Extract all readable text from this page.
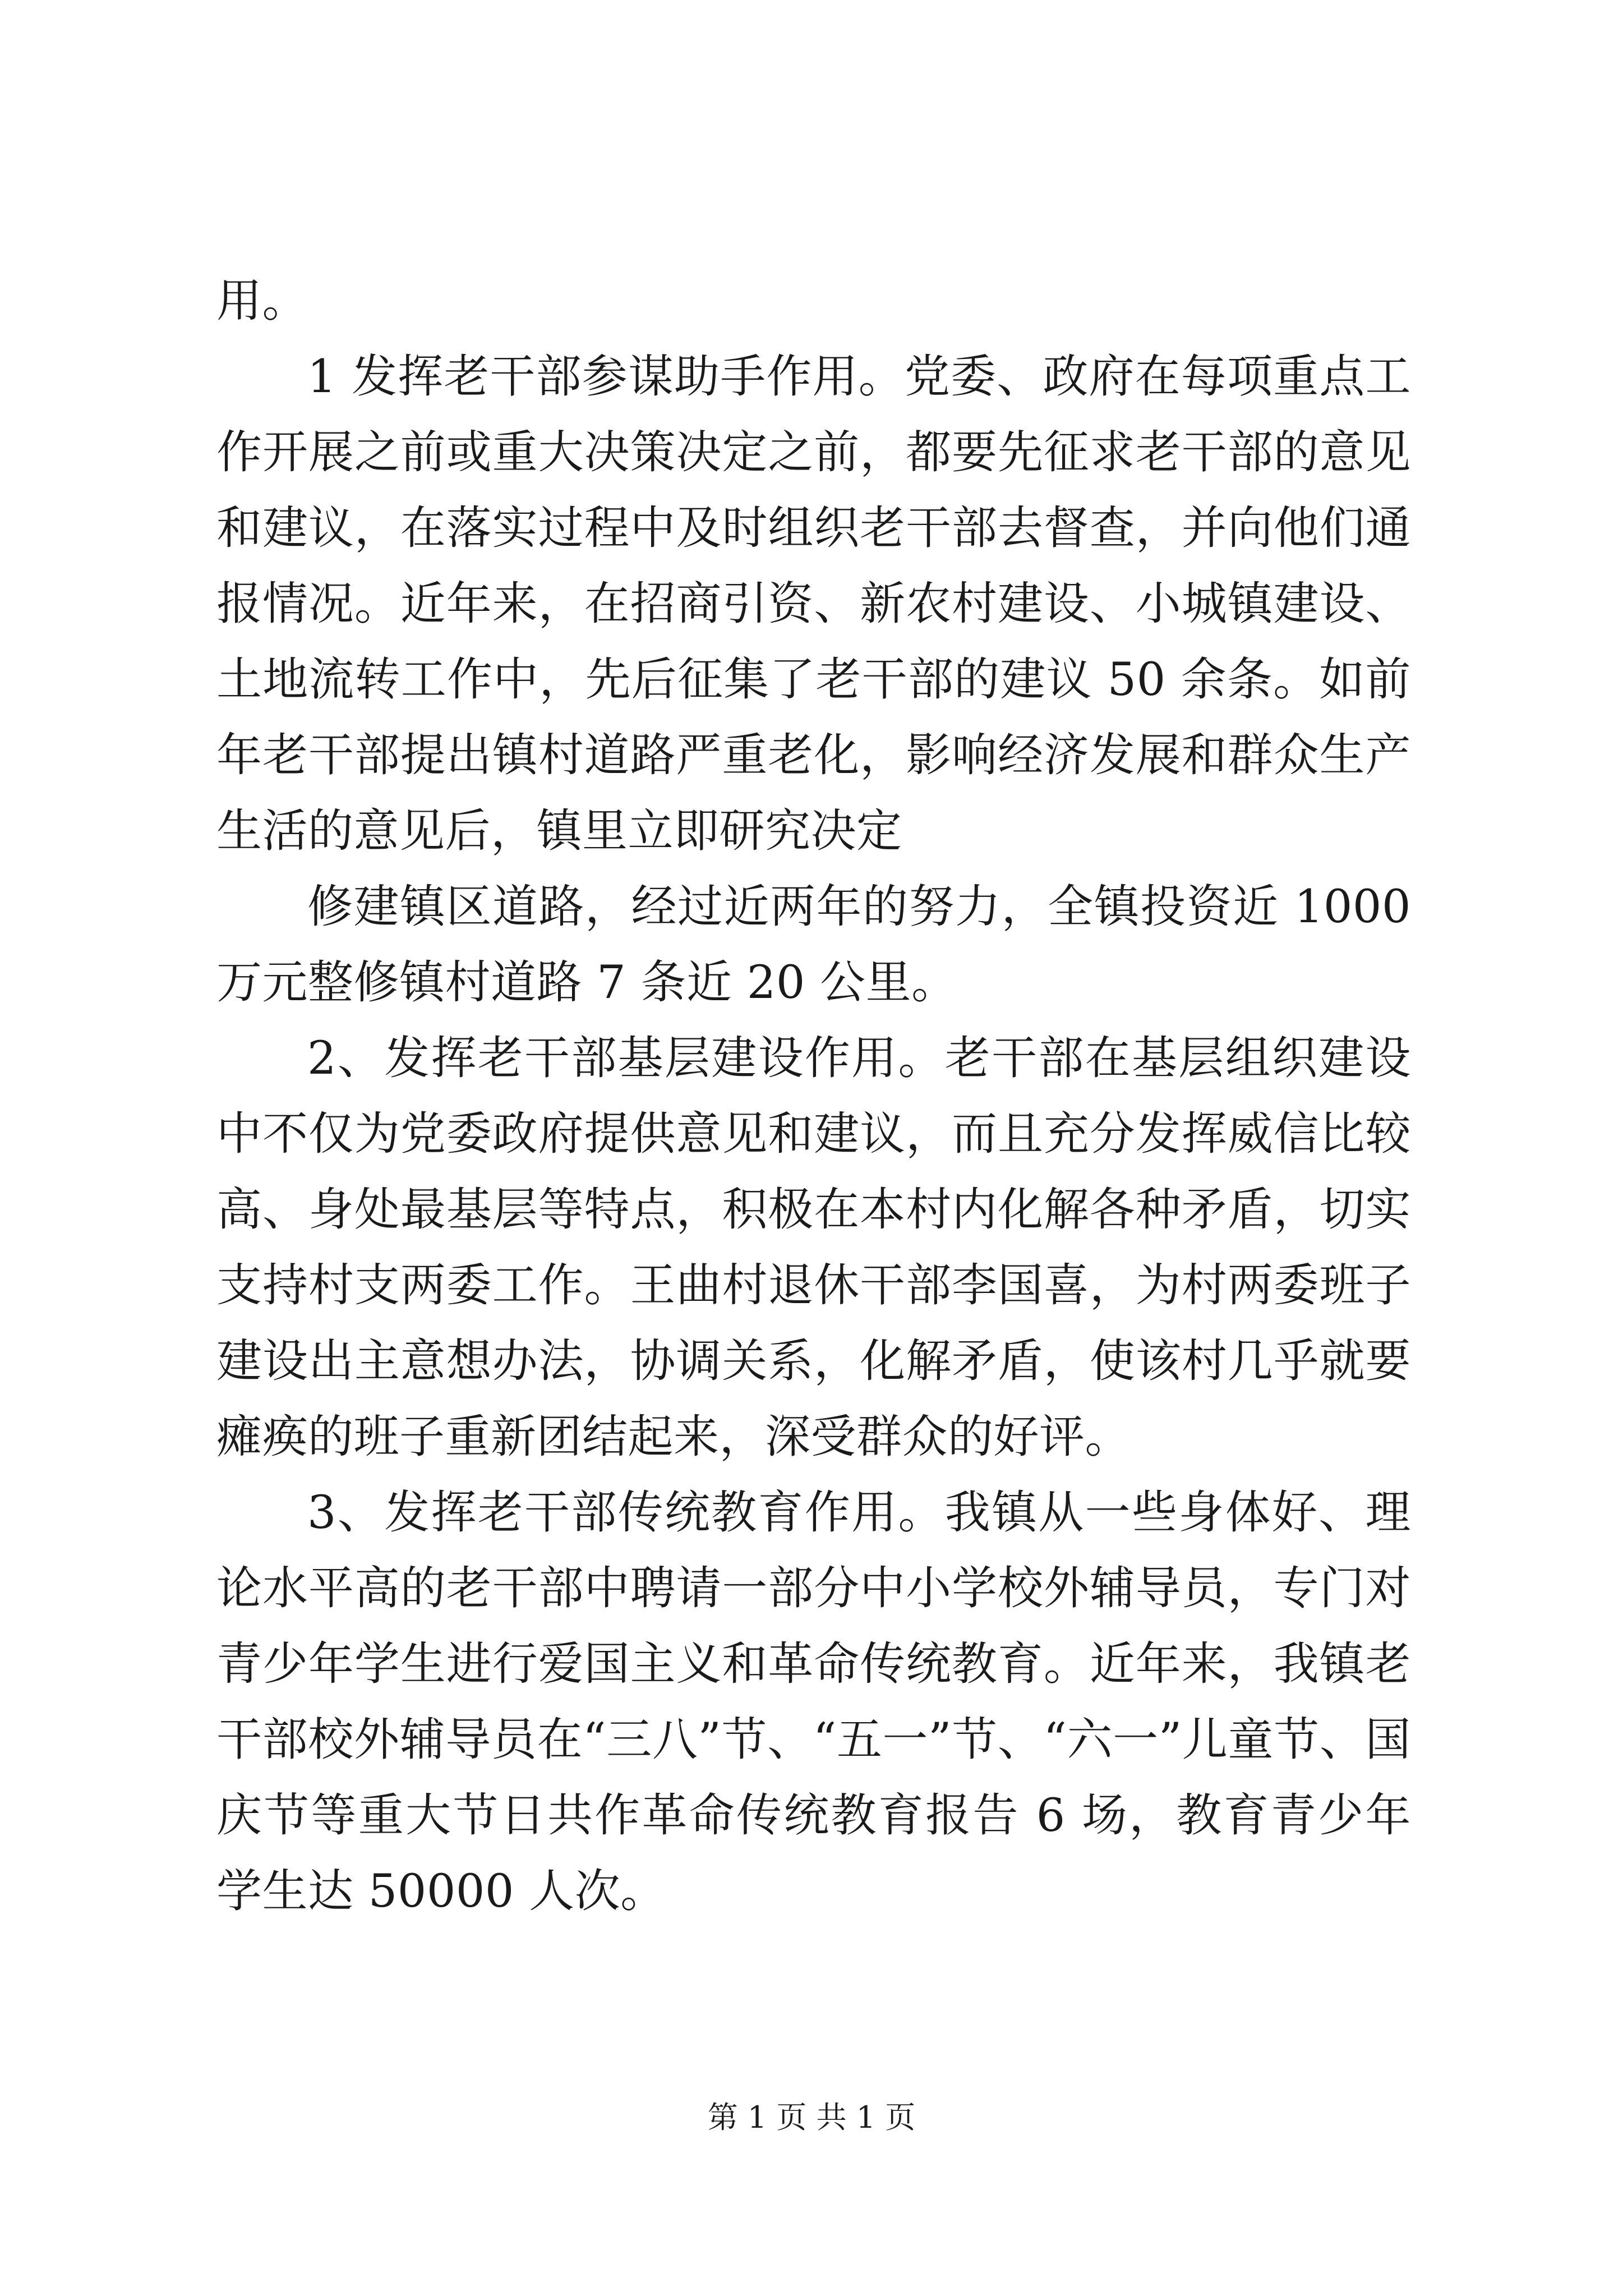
用。

1 发挥老干部参谋助手作用。党委、政府在每项重点工作开展之前或重大决策决定之前，都要先征求老干部的意见和建议，在落实过程中及时组织老干部去督查，并向他们通报情况。近年来，在招商引资、新农村建设、小城镇建设、土地流转工作中，先后征集了老干部的建议 50 余条。如前年老干部提出镇村道路严重老化，影响经济发展和群众生产生活的意见后，镇里立即研究决定

修建镇区道路，经过近两年的努力，全镇投资近 1000 万元整修镇村道路 7 条近 20 公里。

2、发挥老干部基层建设作用。老干部在基层组织建设中不仅为党委政府提供意见和建议，而且充分发挥威信比较高、身处最基层等特点，积极在本村内化解各种矛盾，切实支持村支两委工作。王曲村退休干部李国喜，为村两委班子建设出主意想办法，协调关系，化解矛盾，使该村几乎就要瘫痪的班子重新团结起来，深受群众的好评。

3、发挥老干部传统教育作用。我镇从一些身体好、理论水平高的老干部中聘请一部分中小学校外辅导员，专门对青少年学生进行爱国主义和革命传统教育。近年来，我镇老干部校外辅导员在“三八”节、“五一”节、“六一”儿童节、国庆节等重大节日共作革命传统教育报告 6 场，教育青少年学生达 50000 人次。

第 1 页 共 1 页
